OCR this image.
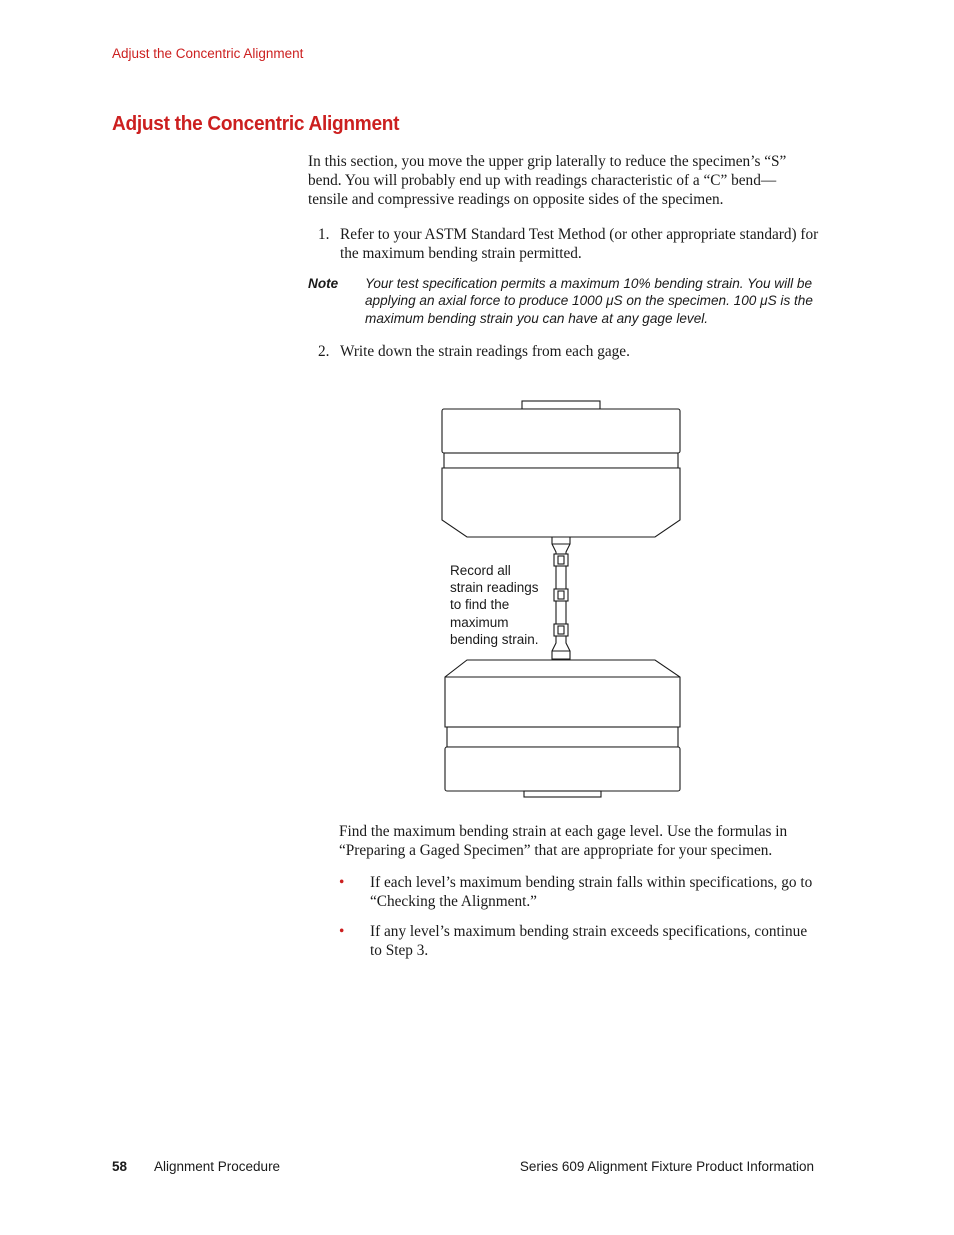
Adjust the Concentric Alignment
Adjust the Concentric Alignment

In this section, you move the upper grip laterally to reduce the specimen’s “S” bend. You will probably end up with readings characteristic of a “C” bend—tensile and compressive readings on opposite sides of the specimen.

1. Refer to your ASTM Standard Test Method (or other appropriate standard) for the maximum bending strain permitted.
Note Your test specification permits a maximum 10% bending strain. You will be applying an axial force to produce 1000 μS on the specimen. 100 μS is the maximum bending strain you can have at any gage level.
2. Write down the strain readings from each gage.
Record all
strain readings
to find the
maximum
bending strain.

Find the maximum bending strain at each gage level. Use the formulas in “Preparing a Gaged Specimen” that are appropriate for your specimen.

• If each level’s maximum bending strain falls within specifications, go to “Checking the Alignment.”
• If any level’s maximum bending strain exceeds specifications, continue to Step 3.
58 Alignment Procedure	Series 609 Alignment Fixture Product Information
